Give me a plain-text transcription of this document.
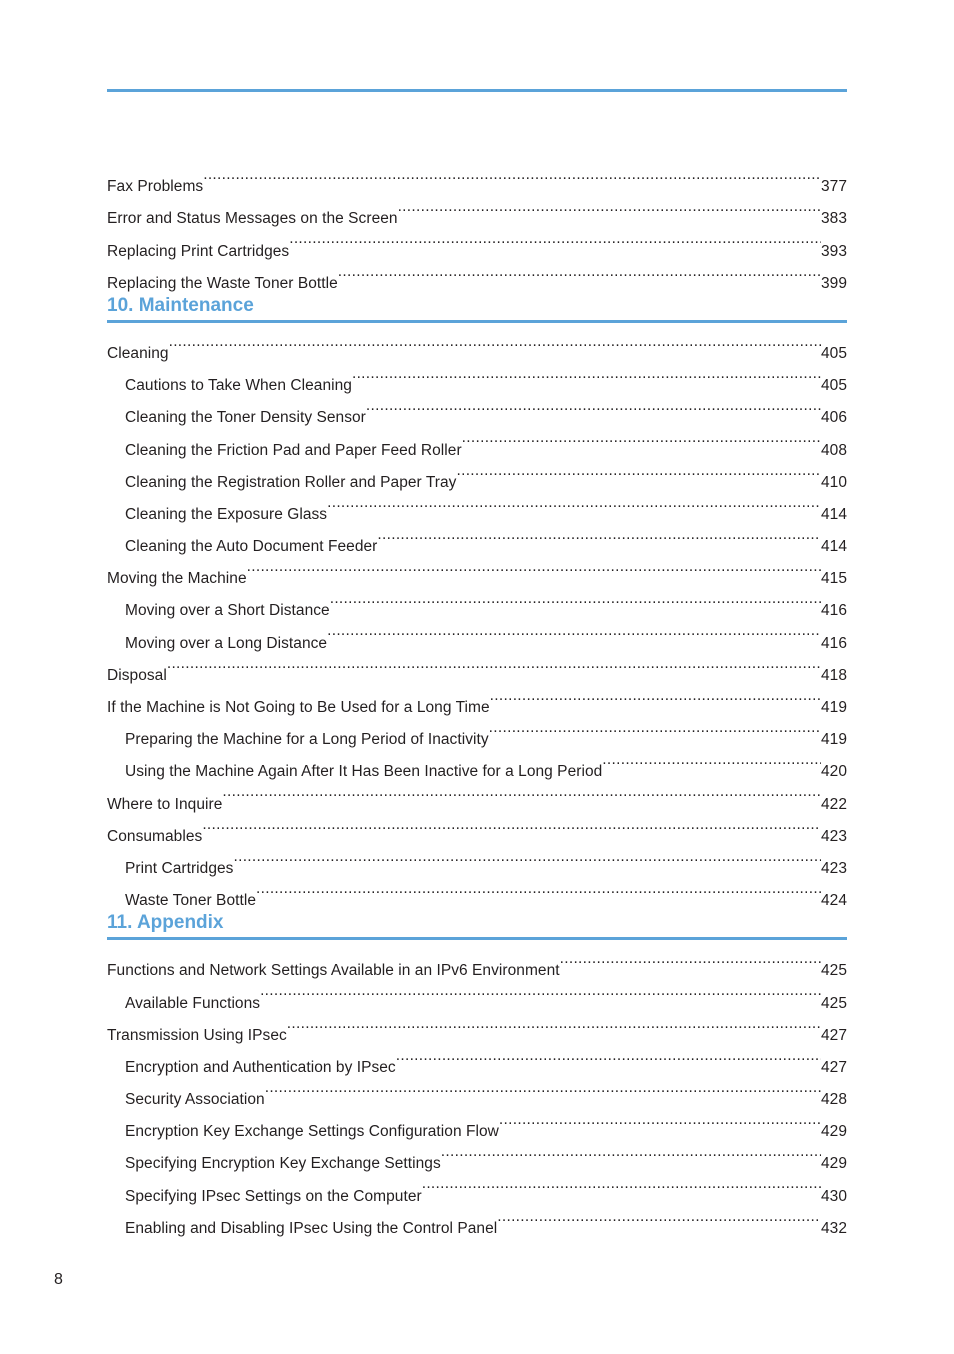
Fax Problems .....	377
Error and Status Messages on the Screen .....	383
Replacing Print Cartridges .....	393
Replacing the Waste Toner Bottle .....	399
10. Maintenance
Cleaning .....	405
Cautions to Take When Cleaning .....	405
Cleaning the Toner Density Sensor .....	406
Cleaning the Friction Pad and Paper Feed Roller .....	408
Cleaning the Registration Roller and Paper Tray .....	410
Cleaning the Exposure Glass .....	414
Cleaning the Auto Document Feeder .....	414
Moving the Machine .....	415
Moving over a Short Distance .....	416
Moving over a Long Distance .....	416
Disposal .....	418
If the Machine is Not Going to Be Used for a Long Time .....	419
Preparing the Machine for a Long Period of Inactivity .....	419
Using the Machine Again After It Has Been Inactive for a Long Period .....	420
Where to Inquire .....	422
Consumables .....	423
Print Cartridges .....	423
Waste Toner Bottle .....	424
11. Appendix
Functions and Network Settings Available in an IPv6 Environment .....	425
Available Functions .....	425
Transmission Using IPsec .....	427
Encryption and Authentication by IPsec .....	427
Security Association .....	428
Encryption Key Exchange Settings Configuration Flow .....	429
Specifying Encryption Key Exchange Settings .....	429
Specifying IPsec Settings on the Computer .....	430
Enabling and Disabling IPsec Using the Control Panel .....	432
8
